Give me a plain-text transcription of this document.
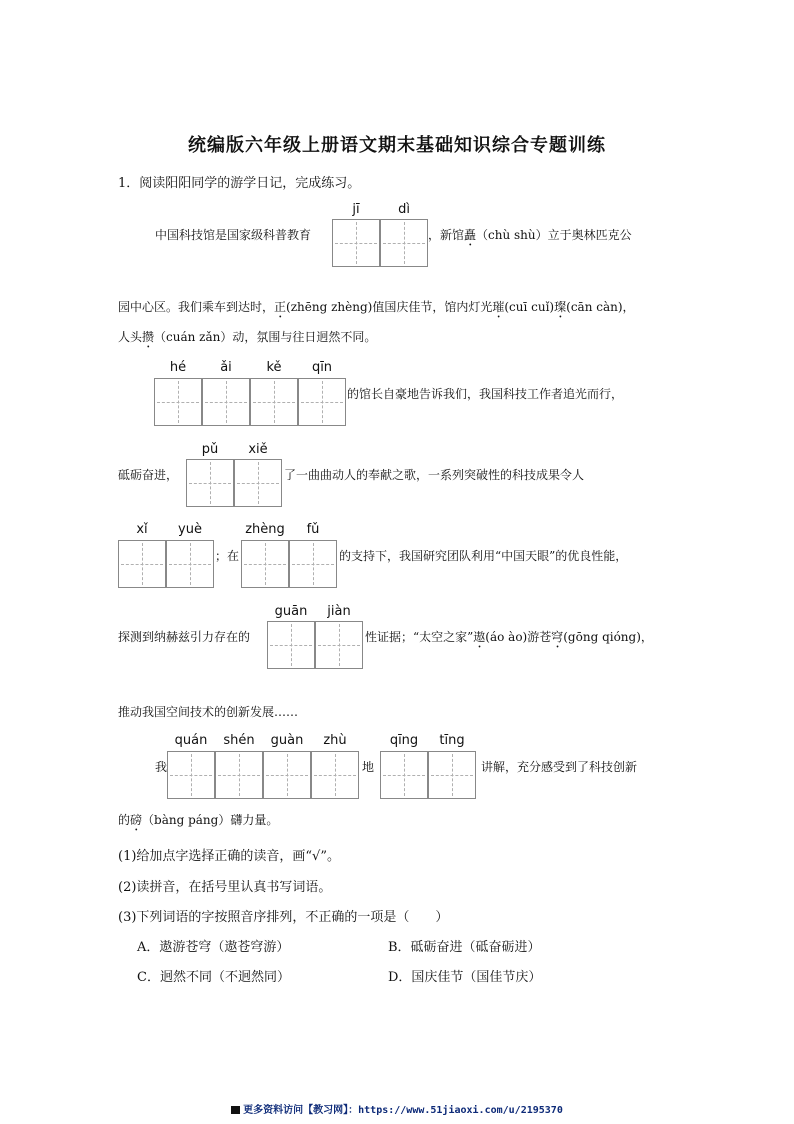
统编版六年级上册语文期末基础知识综合专题训练
1．阅读阳阳同学的游学日记，完成练习。
jī	dì
中国科技馆是国家级科普教育	，新馆矗（chù shù）立于奥林匹克公
园中心区。我们乘车到达时，正(zhēng zhèng)值国庆佳节，馆内灯光璀(cuī cuǐ)璨(cān càn)，
人头攒（cuán zǎn）动，氛围与往日迥然不同。
hé	ǎi	kě	qīn
的馆长自豪地告诉我们，我国科技工作者追光而行，
pǔ	xiě
砥砺奋进，	了一曲曲动人的奉献之歌，一系列突破性的科技成果令人
xǐ	yuè
；在
zhèng	fǔ
的支持下，我国研究团队利用“中国天眼”的优良性能，
guān	jiàn
探测到纳赫兹引力存在的	性证据；“太空之家”遨(áo ào)游苍穹(gōng qióng)，
推动我国空间技术的创新发展……
我
quán	shén	guàn	zhù
地
qīng	tīng
讲解，充分感受到了科技创新
的磅（bàng páng）礴力量。
(1)给加点字选择正确的读音，画“√”。
(2)读拼音，在括号里认真书写词语。
(3)下列词语的字按照音序排列，不正确的一项是（　　）
A．遨游苍穹（遨苍穹游）	B．砥砺奋进（砥奋砺进）
C．迥然不同（不迥然同）	D．国庆佳节（国佳节庆）
更多资料访问【教习网】：https://www.51jiaoxi.com/u/2195370
